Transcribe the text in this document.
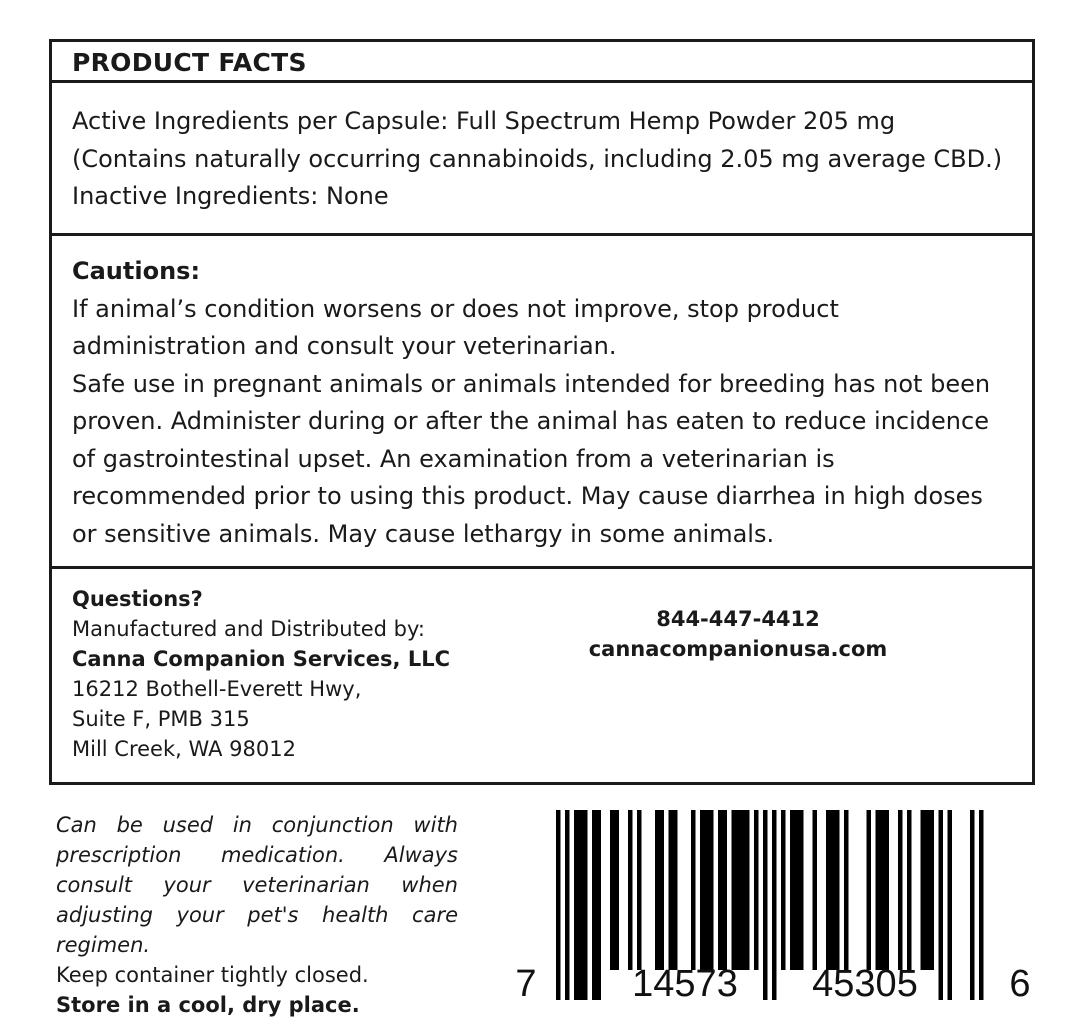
PRODUCT FACTS
Active Ingredients per Capsule: Full Spectrum Hemp Powder 205 mg
(Contains naturally occurring cannabinoids, including 2.05 mg average CBD.)
Inactive Ingredients: None
Cautions:
If animal’s condition worsens or does not improve, stop product
administration and consult your veterinarian.
Safe use in pregnant animals or animals intended for breeding has not been
proven. Administer during or after the animal has eaten to reduce incidence
of gastrointestinal upset. An examination from a veterinarian is
recommended prior to using this product. May cause diarrhea in high doses
or sensitive animals. May cause lethargy in some animals.
Questions?
Manufactured and Distributed by:
Canna Companion Services, LLC
16212 Bothell-Everett Hwy,
Suite F, PMB 315
Mill Creek, WA 98012
844-447-4412
cannacompanionusa.com
Can be used in conjunction with prescription medication. Always consult your veterinarian when adjusting your pet's health care regimen.
Keep container tightly closed.
Store in a cool, dry place.	7	14573 45305 6
